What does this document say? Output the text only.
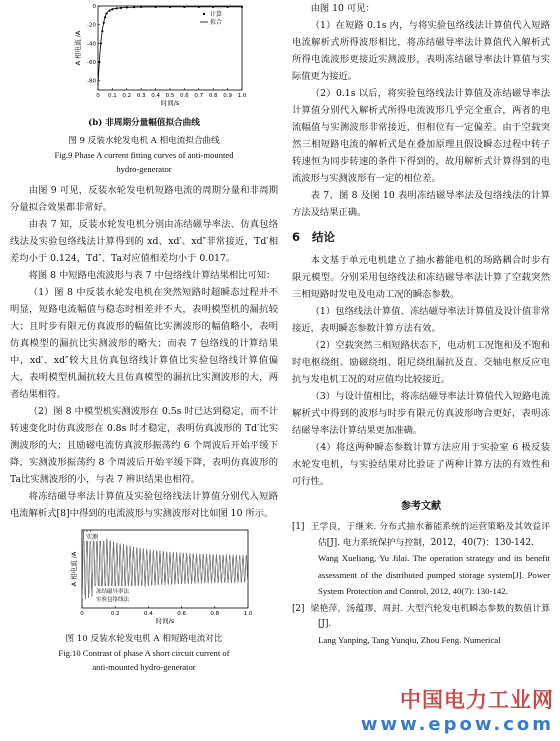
0 0.1 0.2 0.3 0.4 0.5 0.6 0.7 0.8 0.9 1.0
0
-20
-40
-60
-80
时间/s
A 相电流 /A
计算
拟合
(b) 非周期分量幅值拟合曲线
图 9 反装水轮发电机 A 相电流拟合曲线
Fig.9 Phase A current fitting curves of anti-mounted
hydro-generator

由图 9 可见，反装水轮发电机短路电流的周期分量和非周期分量拟合效果都非常好。

由表 7 知，反装水轮发电机分别由冻结磁导率法、仿真包络线法及实验包络线法计算得到的 xd、xd′、xd″非常接近，Td′相差均小于 0.124，Td″、Ta对应值相差均小于 0.017。

将图 8 中短路电流波形与表 7 中包络线计算结果相比可知：

（1）图 8 中反装水轮发电机在突然短路时超瞬态过程并不明显，短路电流幅值与稳态时相差并不大，表明模型机的漏抗较大；且时步有限元仿真波形的幅值比实测波形的幅值略小，表明仿真模型的漏抗比实测波形的略大；而表 7 包络线的计算结果中，xd′、xd″较大且仿真包络线计算值比实验包络线计算值偏大，表明模型机漏抗较大且仿真模型的漏抗比实测波形的大，两者结果相符。

（2）图 8 中模型机实测波形在 0.5s 时已达到稳定，而不计转速变化时仿真波形在 0.8s 时才稳定，表明仿真波形的 Td′比实测波形的大；且励磁电流仿真波形振荡约 6 个周波后开始平缓下降，实测波形振荡约 8 个周波后开始平缓下降，表明仿真波形的 Ta比实测波形的小，与表 7 辨识结果也相符。

将冻结磁导率法计算值及实验包络线法计算值分别代入短路电流解析式[8]中得到的电流波形与实测波形对比如图 10 所示。

0	0.2	0.4	0.6	0.8	1.0
时间/s
A 相电流 /A
实测
冻结磁导率法
实验包络线法
图 10 反装水轮发电机 A 相短路电流对比
Fig.10 Contrast of phase A short circuit current of
anti-mounted hydro-generator

由图 10 可见：

（1）在短路 0.1s 内，与将实验包络线法计算值代入短路电流解析式所得波形相比，将冻结磁导率法计算值代入解析式所得电流波形更接近实测波形，表明冻结磁导率法计算值与实际值更为接近。

（2）0.1s 以后，将实验包络线法计算值及冻结磁导率法计算值分别代入解析式所得电流波形几乎完全重合，两者的电流幅值与实测波形非常接近，但相位有一定偏差。由于空载突然三相短路电流的解析式是在叠加原理且假设瞬态过程中转子转速恒为同步转速的条件下得到的，故用解析式计算得到的电流波形与实测波形有一定的相位差。

表 7、图 8 及图 10 表明冻结磁导率法及包络线法的计算方法及结果正确。

6 结论

本文基于单元电机建立了抽水蓄能电机的场路耦合时步有限元模型。分别采用包络线法和冻结磁导率法计算了空载突然三相短路时发电及电动工况的瞬态参数。

（1）包络线法计算值、冻结磁导率法计算值及设计值非常接近，表明瞬态参数计算方法有效。

（2）空载突然三相短路状态下，电动机工况饱和及不饱和时电枢绕组、励磁绕组、阻尼绕组漏抗及直、交轴电枢反应电抗与发电机工况的对应值均比较接近。

（3）与设计值相比，将冻结磁导率法计算值代入短路电流解析式中得到的波形与时步有限元仿真波形吻合更好，表明冻结磁导率法计算结果更加准确。

（4）将这两种瞬态参数计算方法应用于实验室 6 极反装水轮发电机，与实验结果对比验证了两种计算方法的有效性和可行性。

参考文献
[1] 王学良，于继来. 分布式抽水蓄能系统的运营策略及其效益评估[J]. 电力系统保护与控制，2012，40(7)：130-142.
Wang Xueliang, Yu Jilai. The operation strategy and its benefit assessment of the distributed pumped storage system[J]. Power System Protection and Control, 2012, 40(7): 130-142.
[2] 梁艳萍，汤蕴璆，周封. 大型汽轮发电机瞬态参数的数值计算[J].
Lang Yanping, Tang Yunqiu, Zhou Feng. Numerical
中国电力工业网
www.epow.com
